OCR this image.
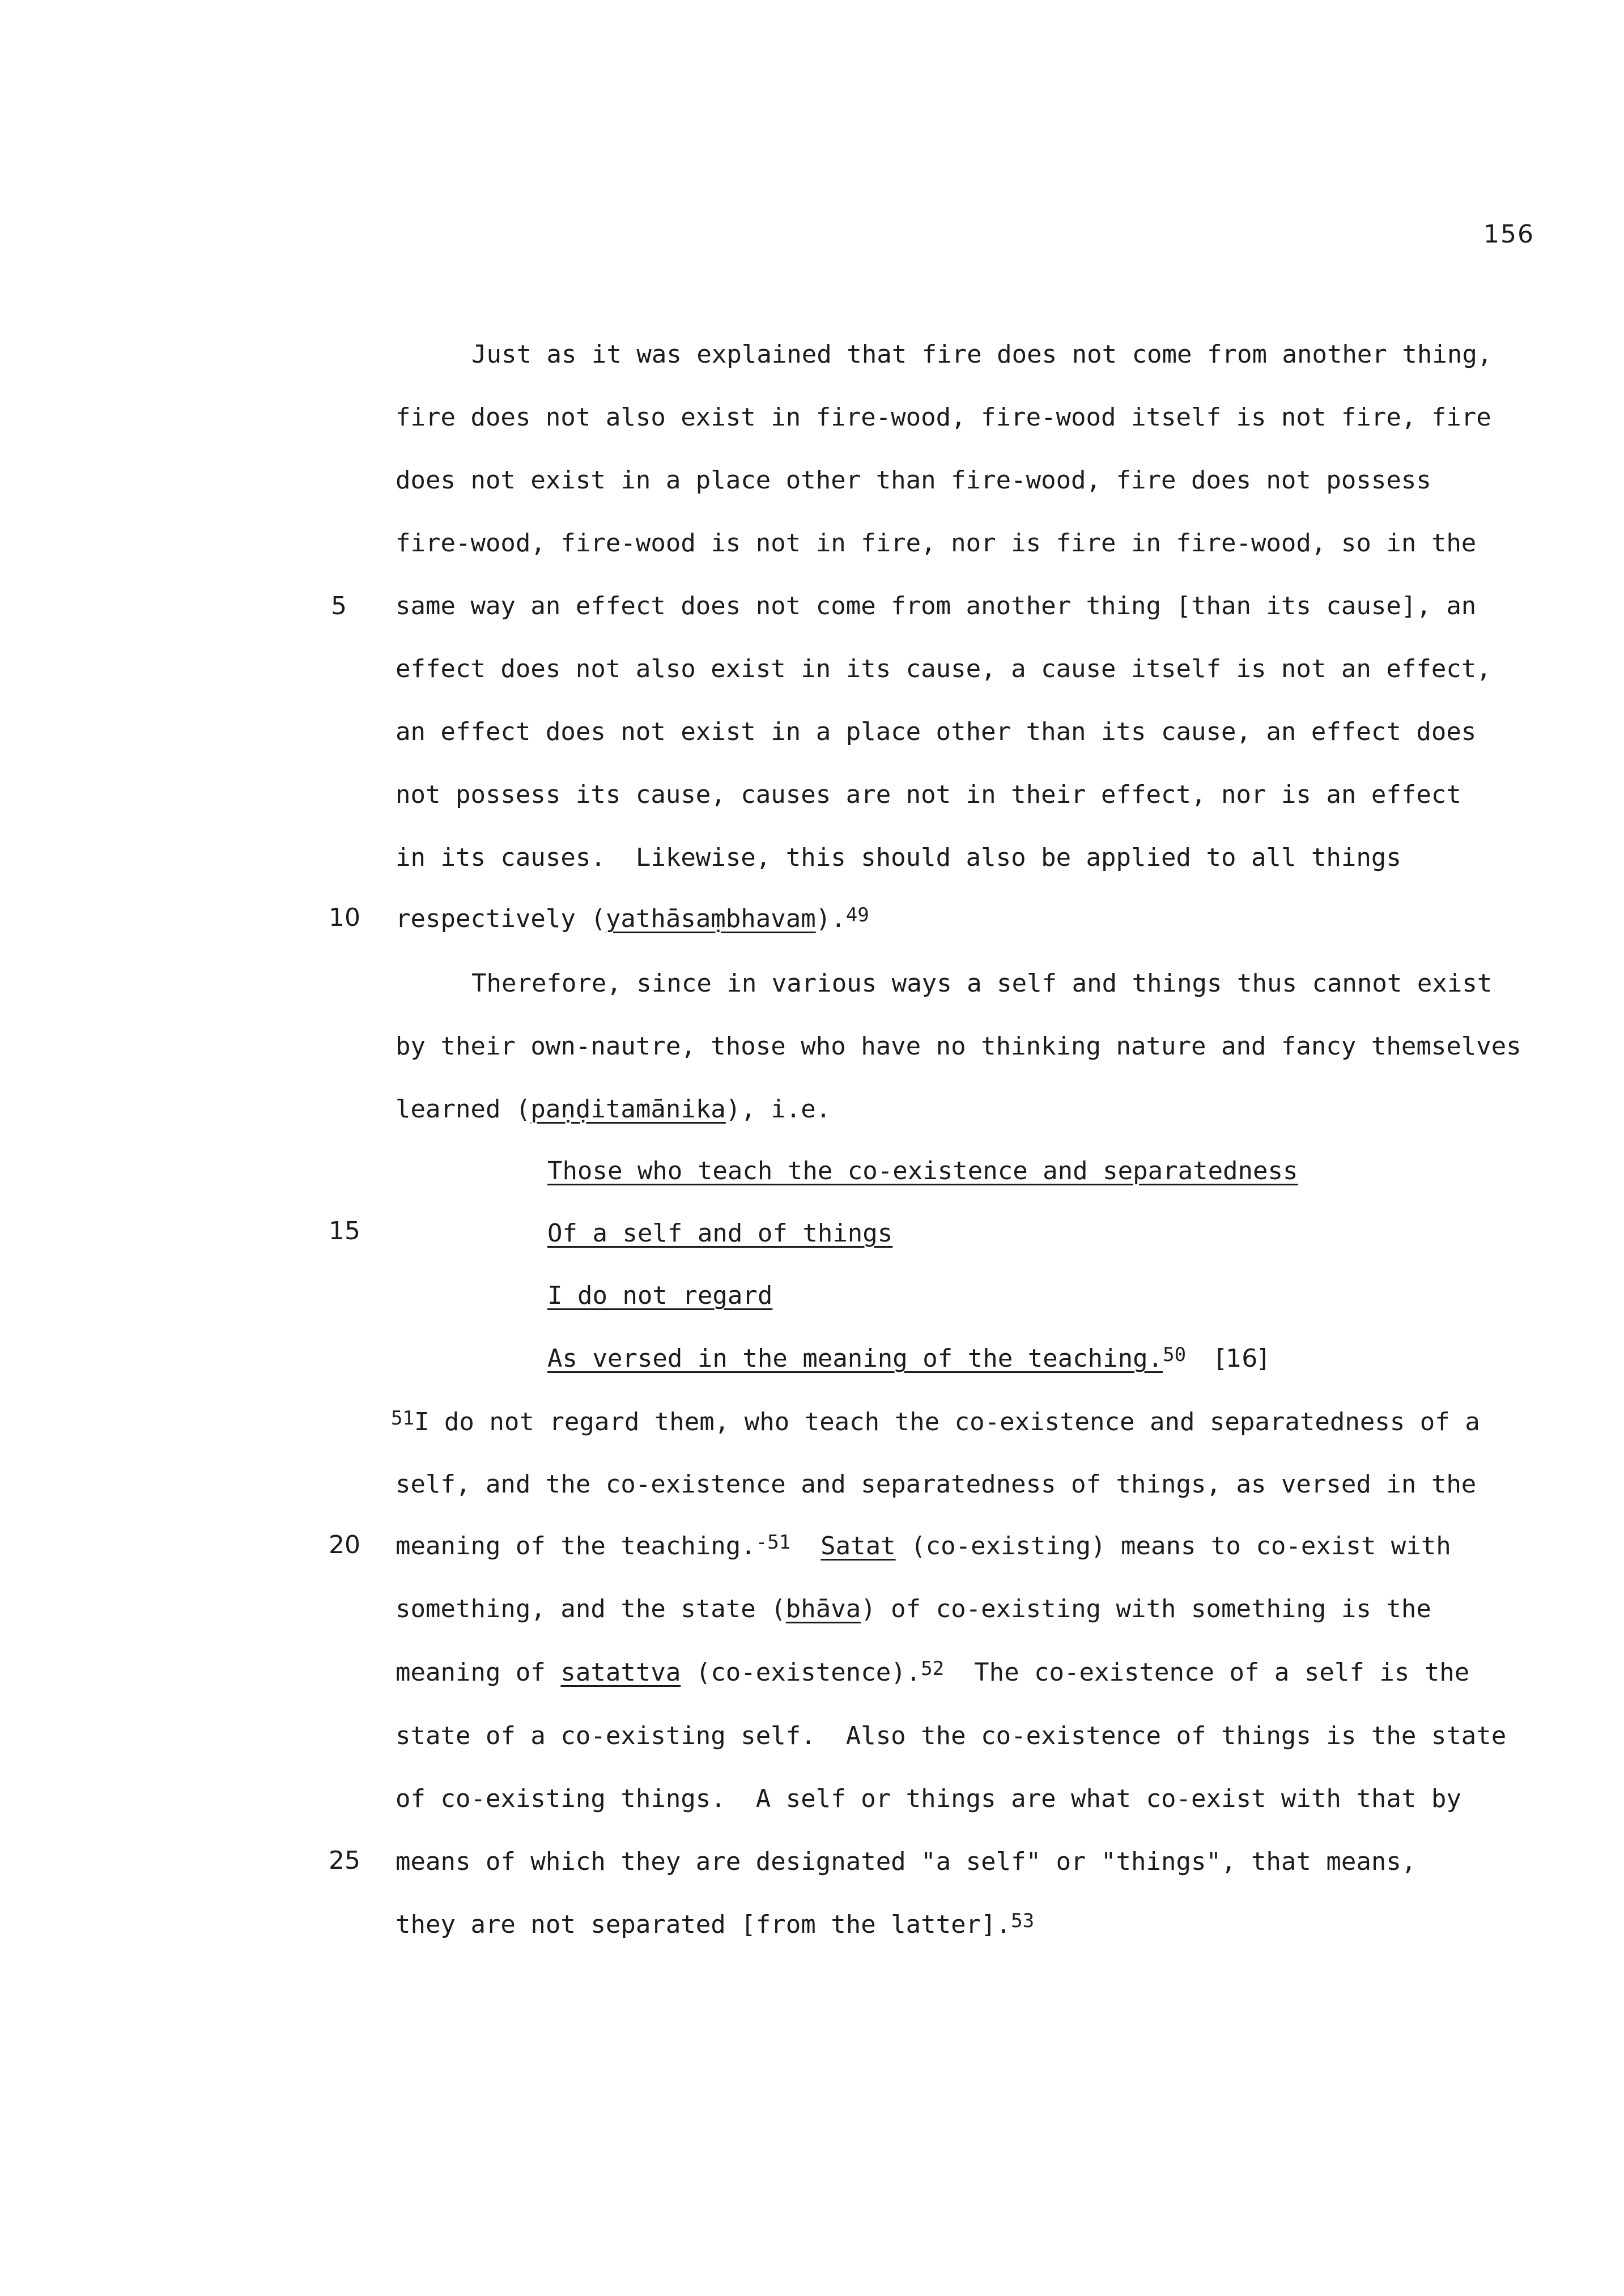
156
5
10
15
20
25
Just as it was explained that fire does not come from another thing,
fire does not also exist in fire-wood, fire-wood itself is not fire, fire
does not exist in a place other than fire-wood, fire does not possess
fire-wood, fire-wood is not in fire, nor is fire in fire-wood, so in the
same way an effect does not come from another thing [than its cause], an
effect does not also exist in its cause, a cause itself is not an effect,
an effect does not exist in a place other than its cause, an effect does
not possess its cause, causes are not in their effect, nor is an effect
in its causes.  Likewise, this should also be applied to all things
respectively (yathāsaṃbhavam).$^{49}$
Therefore, since in various ways a self and things thus cannot exist
by their own-nautre, those who have no thinking nature and fancy themselves
learned (paṇḍitamānika), i.e.
Those who teach the co-existence and separatedness
Of a self and of things
I do not regard
As versed in the meaning of the teaching.$^{50}$ [16]
$^{51}$I do not regard them, who teach the co-existence and separatedness of a
self, and the co-existence and separatedness of things, as versed in the
meaning of the teaching.$^{-51}$ Satat (co-existing) means to co-exist with
something, and the state (bhāva) of co-existing with something is the
meaning of satattva (co-existence).$^{52}$ The co-existence of a self is the
state of a co-existing self.  Also the co-existence of things is the state
of co-existing things.  A self or things are what co-exist with that by
means of which they are designated "a self" or "things", that means,
they are not separated [from the latter].$^{53}$
